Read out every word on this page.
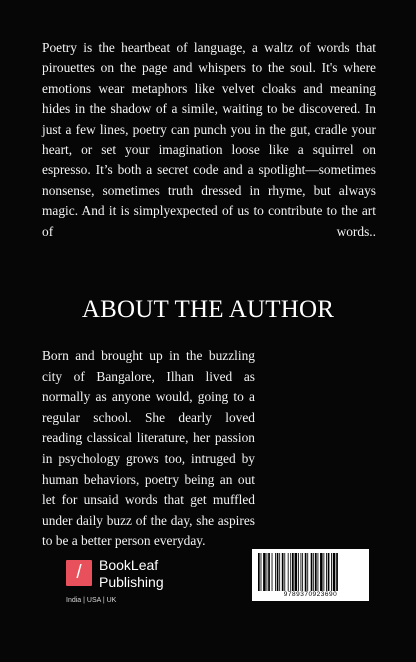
Poetry is the heartbeat of language, a waltz of words that pirouettes on the page and whispers to the soul. It's where emotions wear metaphors like velvet cloaks and meaning hides in the shadow of a simile, waiting to be discovered. In just a few lines, poetry can punch you in the gut, cradle your heart, or set your imagination loose like a squirrel on espresso. It’s both a secret code and a spotlight—sometimes nonsense, sometimes truth dressed in rhyme, but always magic. And it is simplyexpected of us to contribute to the art of words..

ABOUT THE AUTHOR

Born and brought up in the buzzling city of Bangalore, Ilhan lived as normally as anyone would, going to a regular school. She dearly loved reading classical literature, her passion in psychology grows too, intruged by human behaviors, poetry being an out let for unsaid words that get muffled under daily buzz of the day, she aspires to be a better person everyday.

/	BookLeaf

Publishing

India | USA | UK

9789370923690
